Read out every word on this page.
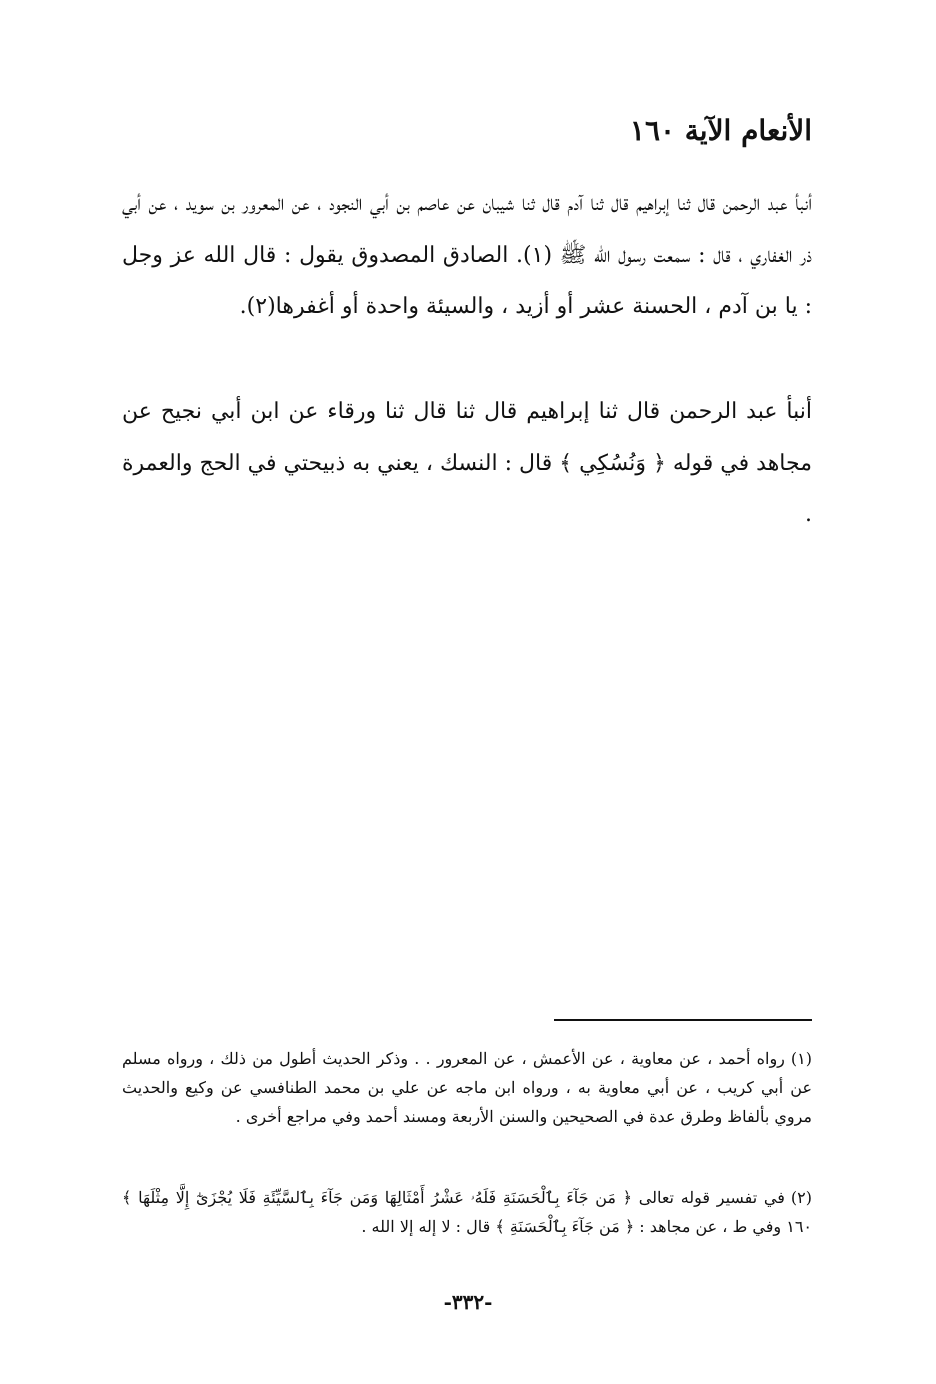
الأنعام الآية ١٦٠

أنبأ عبد الرحمن قال ثنا إبراهيم قال ثنا آدم قال ثنا شيبان عن عاصم بن أبي النجود ، عن المعرور بن سويد ، عن أبي ذر الغفاري ، قال : سمعت رسول الله ﷺ (١). الصادق المصدوق يقول : قال الله عز وجل : يا بن آدم ، الحسنة عشر أو أزيد ، والسيئة واحدة أو أغفرها(٢).

أنبأ عبد الرحمن قال ثنا إبراهيم قال ثنا قال ثنا ورقاء عن ابن أبي نجيح عن مجاهد في قوله ﴿ وَنُسُكِي ﴾ قال : النسك ، يعني به ذبيحتي في الحج والعمرة .

(١)رواه أحمد ، عن معاوية ، عن الأعمش ، عن المعرور . . وذكر الحديث أطول من ذلك ، ورواه مسلم عن أبي كريب ، عن أبي معاوية به ، ورواه ابن ماجه عن علي بن محمد الطنافسي عن وكيع والحديث مروي بألفاظ وطرق عدة في الصحيحين والسنن الأربعة ومسند أحمد وفي مراجع أخرى .

(٢)في تفسير قوله تعالى ﴿ مَن جَآءَ بِٱلْحَسَنَةِ فَلَهُۥ عَشْرُ أَمْثَالِهَا وَمَن جَآءَ بِٱلسَّيِّئَةِ فَلَا يُجْزَىٰٓ إِلَّا مِثْلَهَا ﴾ ١٦٠ وفي ط ، عن مجاهد : ﴿ مَن جَآءَ بِٱلْحَسَنَةِ ﴾ قال : لا إله إلا الله .

-٣٣٢-
